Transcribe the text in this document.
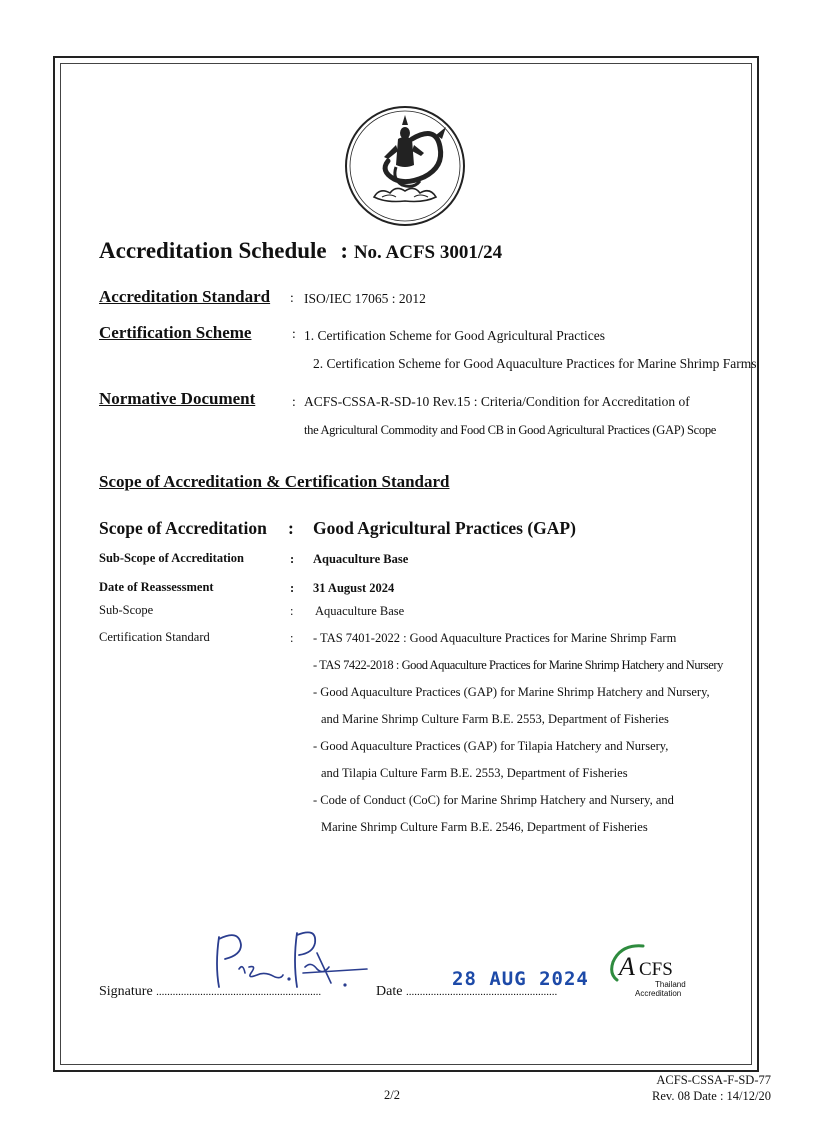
Accreditation Schedule : No. ACFS 3001/24
Accreditation Standard : ISO/IEC 17065 : 2012
Certification Scheme	: 1. Certification Scheme for Good Agricultural Practices
2. Certification Scheme for Good Aquaculture Practices for Marine Shrimp Farms
Normative Document	: ACFS-CSSA-R-SD-10 Rev.15 : Criteria/Condition for Accreditation of
the Agricultural Commodity and Food CB in Good Agricultural Practices (GAP) Scope
Scope of Accreditation & Certification Standard
Scope of Accreditation : Good Agricultural Practices (GAP)
Sub-Scope of Accreditation	: Aquaculture Base
Date of Reassessment	: 31 August 2024
Sub-Scope	: Aquaculture Base
Certification Standard	: - TAS 7401-2022 : Good Aquaculture Practices for Marine Shrimp Farm
- TAS 7422-2018 : Good Aquaculture Practices for Marine Shrimp Hatchery and Nursery
- Good Aquaculture Practices (GAP) for Marine Shrimp Hatchery and Nursery,
and Marine Shrimp Culture Farm B.E. 2553, Department of Fisheries
- Good Aquaculture Practices (GAP) for Tilapia Hatchery and Nursery,
and Tilapia Culture Farm B.E. 2553, Department of Fisheries
- Code of Conduct (CoC) for Marine Shrimp Hatchery and Nursery, and
Marine Shrimp Culture Farm B.E. 2546, Department of Fisheries
Signature ............................................................	Date .......................................................
28 AUG 2024 A CFS
Thailand
Accreditation
2/2
ACFS-CSSA-F-SD-77
Rev. 08 Date : 14/12/20
